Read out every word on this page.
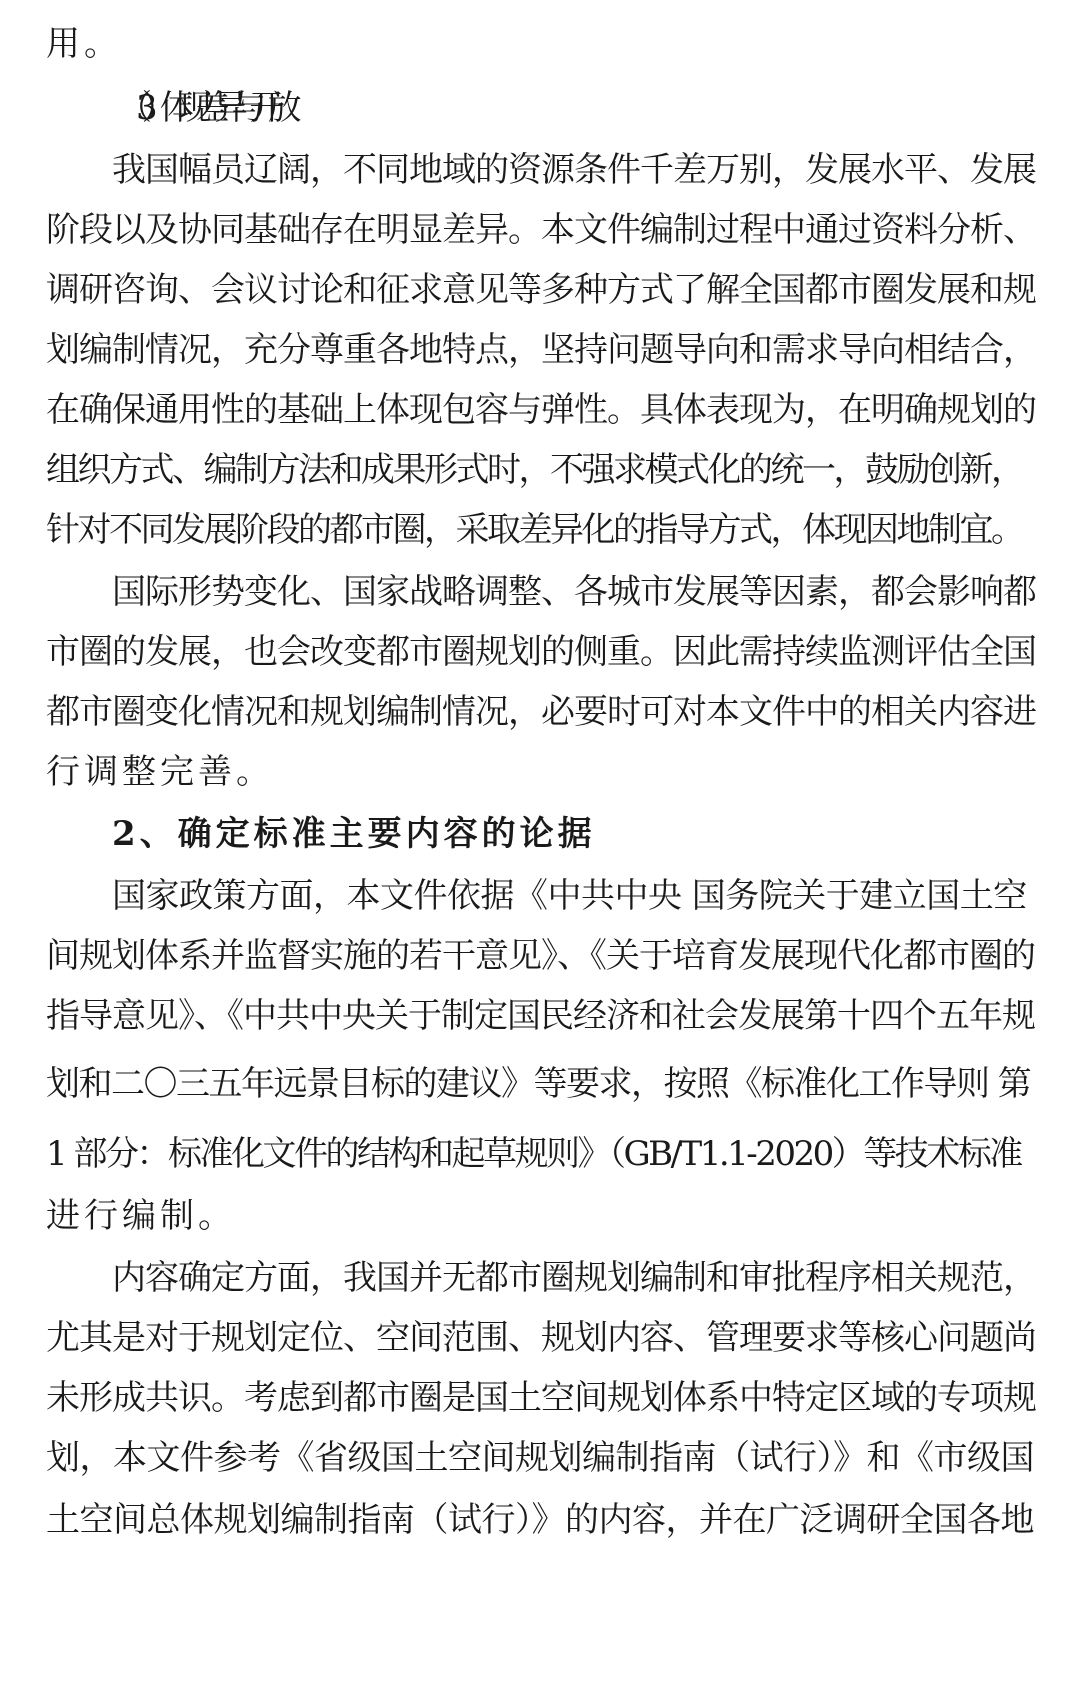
用。
（3）体现差异与开放
我国幅员辽阔，不同地域的资源条件千差万别，发展水平、发展
阶段以及协同基础存在明显差异。本文件编制过程中通过资料分析、
调研咨询、会议讨论和征求意见等多种方式了解全国都市圈发展和规
划编制情况，充分尊重各地特点，坚持问题导向和需求导向相结合，
在确保通用性的基础上体现包容与弹性。具体表现为，在明确规划的
组织方式、编制方法和成果形式时，不强求模式化的统一，鼓励创新，
针对不同发展阶段的都市圈，采取差异化的指导方式，体现因地制宜。
国际形势变化、国家战略调整、各城市发展等因素，都会影响都
市圈的发展，也会改变都市圈规划的侧重。因此需持续监测评估全国
都市圈变化情况和规划编制情况，必要时可对本文件中的相关内容进
行调整完善。
2、确定标准主要内容的论据
国家政策方面，本文件依据《中共中央 国务院关于建立国土空
间规划体系并监督实施的若干意见》、《关于培育发展现代化都市圈的
指导意见》、《中共中央关于制定国民经济和社会发展第十四个五年规
划和二〇三五年远景目标的建议》等要求，按照《标准化工作导则 第
1 部分：标准化文件的结构和起草规则》（GB/T1.1-2020）等技术标准
进行编制。
内容确定方面，我国并无都市圈规划编制和审批程序相关规范，
尤其是对于规划定位、空间范围、规划内容、管理要求等核心问题尚
未形成共识。考虑到都市圈是国土空间规划体系中特定区域的专项规
划，本文件参考《省级国土空间规划编制指南（试行）》和《市级国
土空间总体规划编制指南（试行）》的内容，并在广泛调研全国各地
